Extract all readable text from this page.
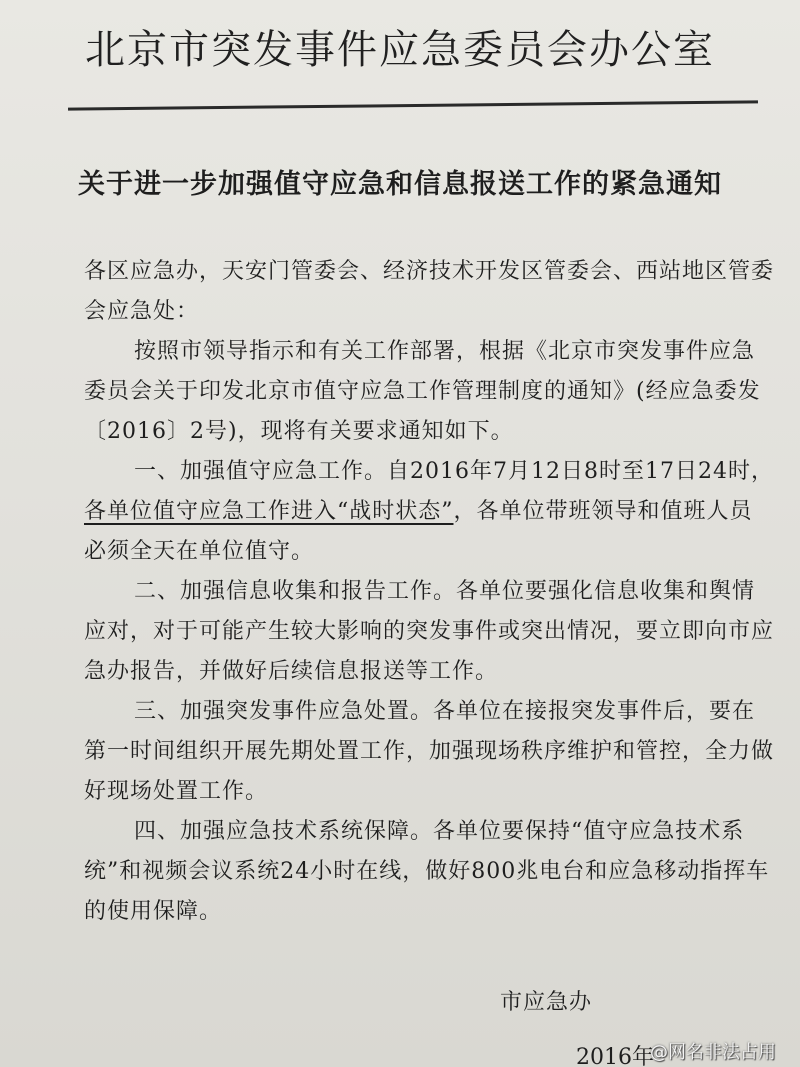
北京市突发事件应急委员会办公室
关于进一步加强值守应急和信息报送工作的紧急通知

各区应急办，天安门管委会、经济技术开发区管委会、西站地区管委会应急处：

按照市领导指示和有关工作部署，根据《北京市突发事件应急委员会关于印发北京市值守应急工作管理制度的通知》(经应急委发〔2016〕2号)，现将有关要求通知如下。

一、加强值守应急工作。自2016年7月12日8时至17日24时，各单位值守应急工作进入“战时状态”，各单位带班领导和值班人员必须全天在单位值守。

二、加强信息收集和报告工作。各单位要强化信息收集和舆情应对，对于可能产生较大影响的突发事件或突出情况，要立即向市应急办报告，并做好后续信息报送等工作。

三、加强突发事件应急处置。各单位在接报突发事件后，要在第一时间组织开展先期处置工作，加强现场秩序维护和管控，全力做好现场处置工作。

四、加强应急技术系统保障。各单位要保持“值守应急技术系统”和视频会议系统24小时在线，做好800兆电台和应急移动指挥车的使用保障。

市应急办
2016年
@网名非法占用
